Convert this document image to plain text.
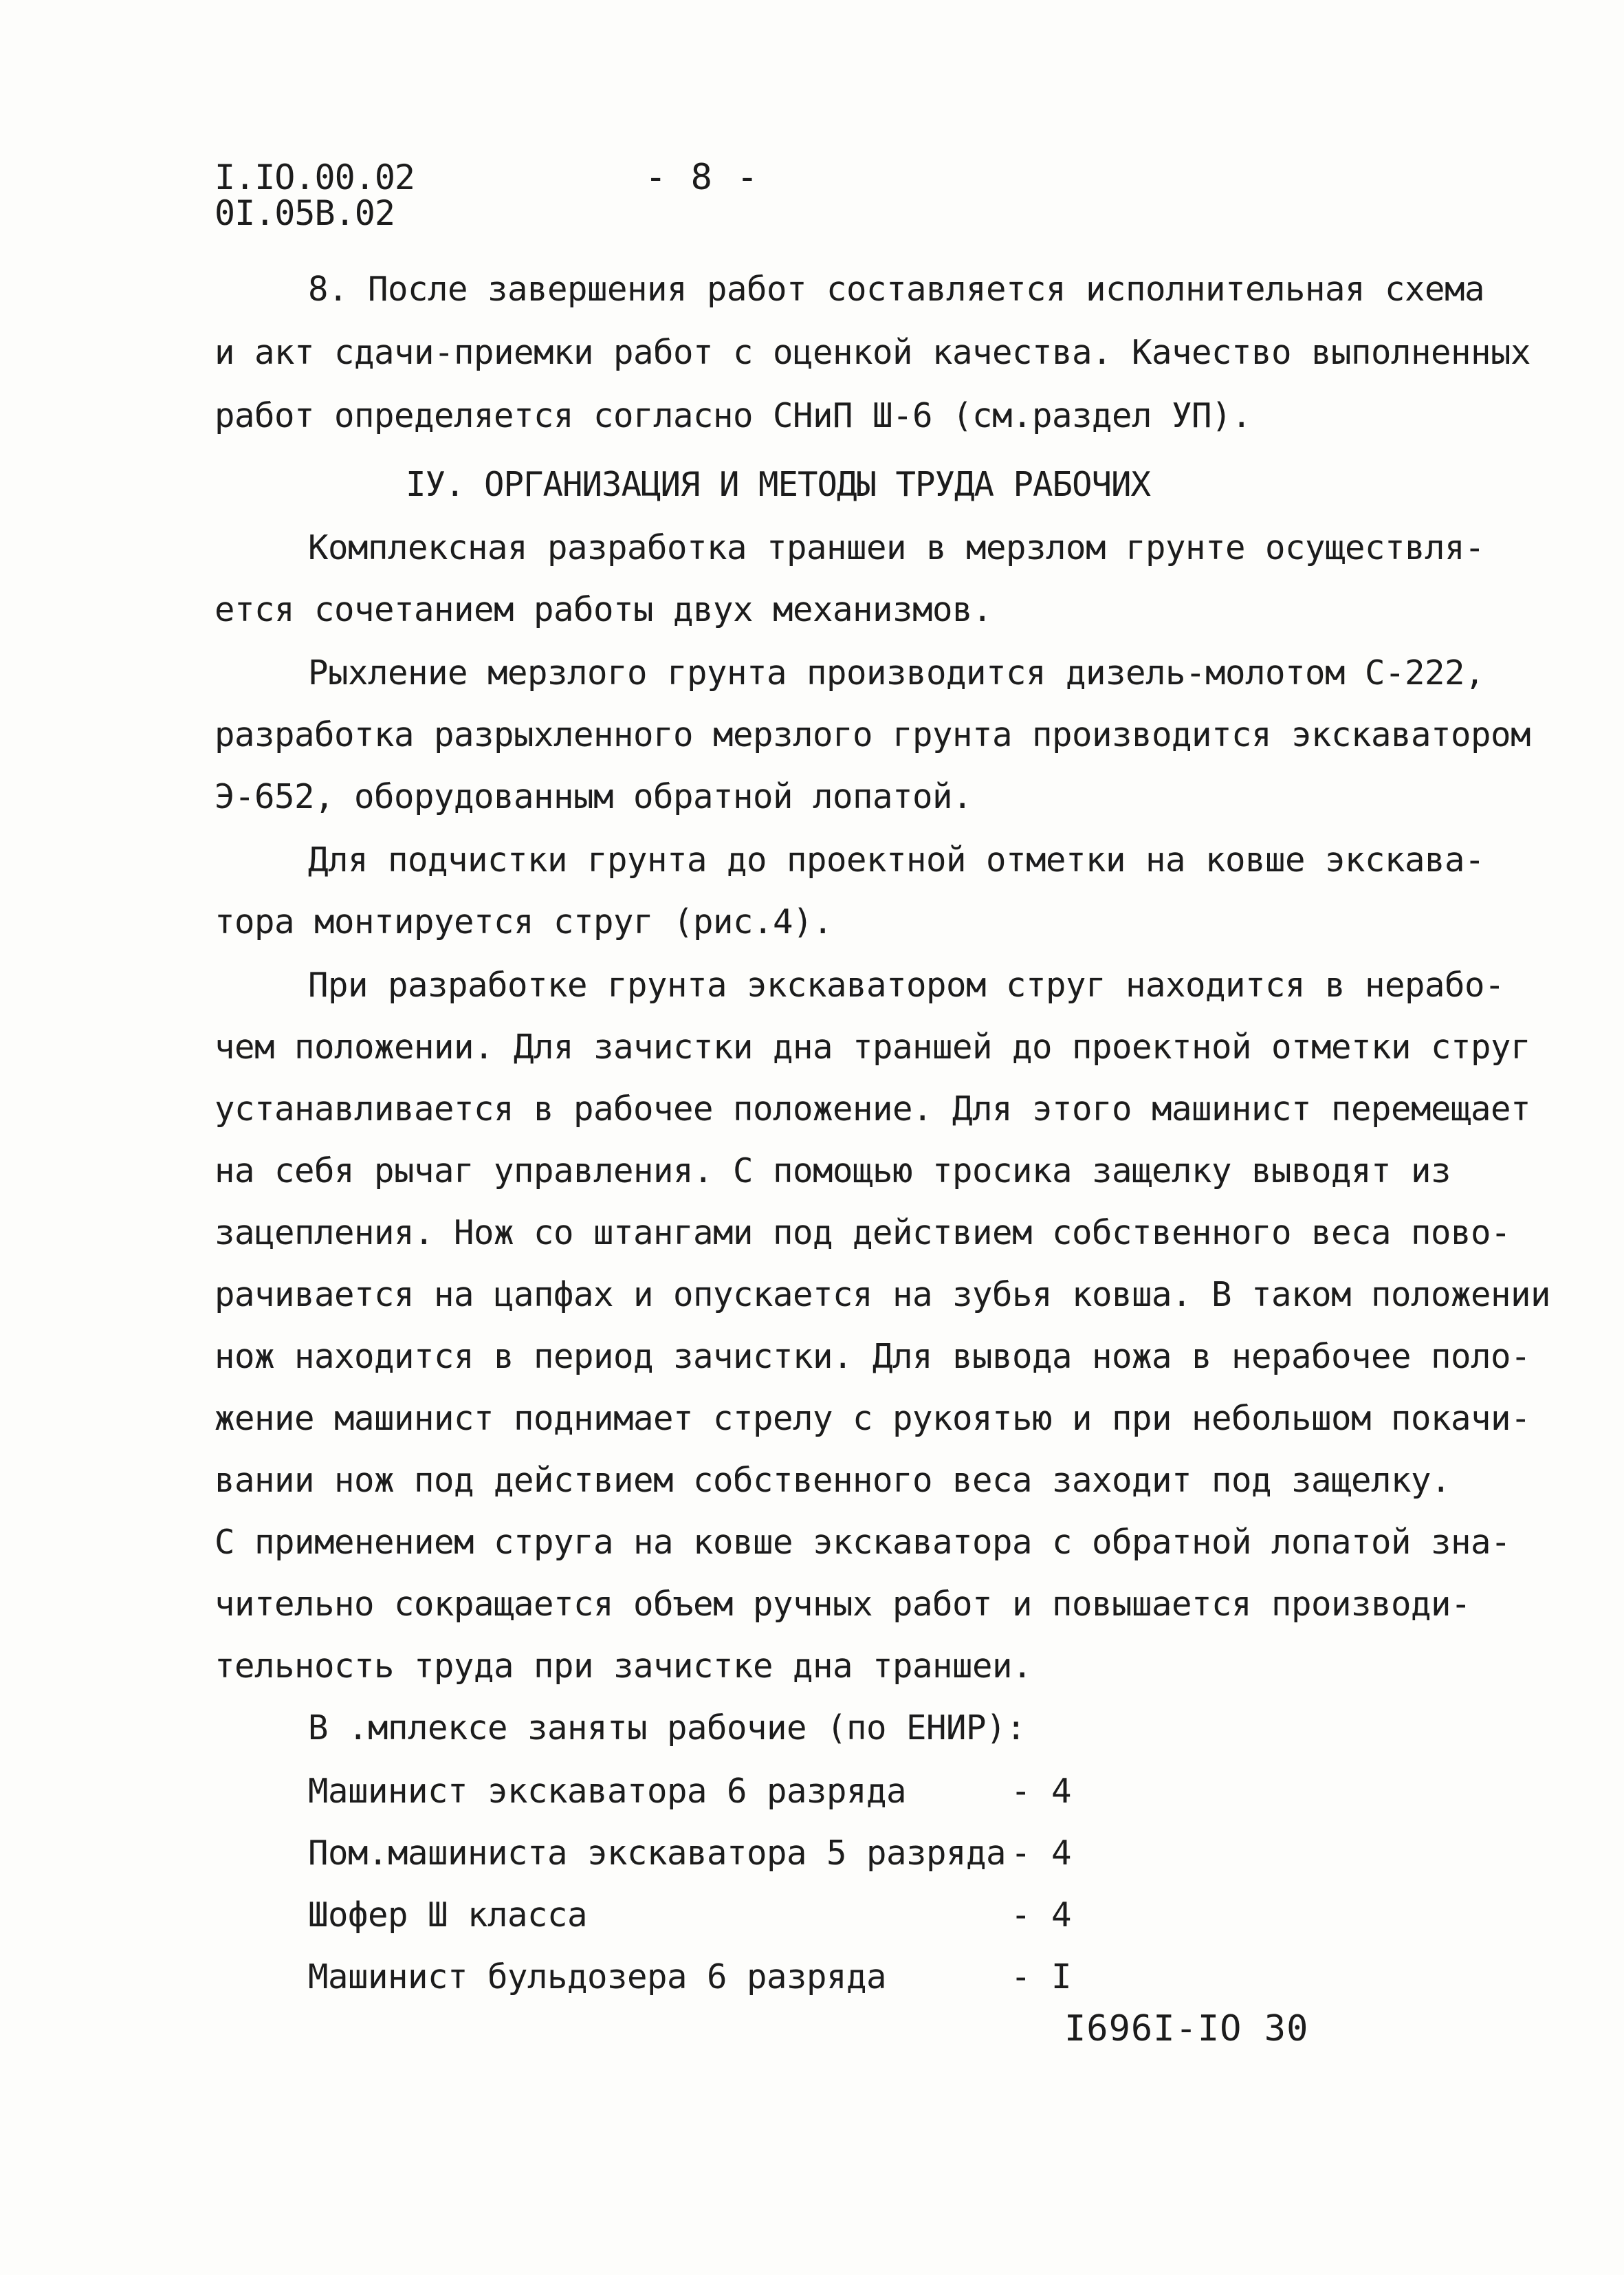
I.IO.00.02
0I.05B.02
- 8 -
8. После завершения работ составляется исполнительная схема
и акт сдачи-приемки работ с оценкой качества. Качество выполненных
работ определяется согласно СНиП Ш-6 (см.раздел УП).
IУ. ОРГАНИЗАЦИЯ И МЕТОДЫ ТРУДА РАБОЧИХ
Комплексная разработка траншеи в мерзлом грунте осуществля-
ется сочетанием работы двух механизмов.
Рыхление мерзлого грунта производится дизель-молотом С-222,
разработка разрыхленного мерзлого грунта производится экскаватором
Э-652, оборудованным обратной лопатой.
Для подчистки грунта до проектной отметки на ковше экскава-
тора монтируется струг (рис.4).
При разработке грунта экскаватором струг находится в нерабо-
чем положении. Для зачистки дна траншей до проектной отметки струг
устанавливается в рабочее положение. Для этого машинист перемещает
на себя рычаг управления. С помощью тросика защелку выводят из
зацепления. Нож со штангами под действием собственного веса пово-
рачивается на цапфах и опускается на зубья ковша. В таком положении
нож находится в период зачистки. Для вывода ножа в нерабочее поло-
жение машинист поднимает стрелу с рукоятью и при небольшом покачи-
вании нож под действием собственного веса заходит под защелку.
С применением струга на ковше экскаватора с обратной лопатой зна-
чительно сокращается объем ручных работ и повышается производи-
тельность труда при зачистке дна траншеи.
В .мплексе заняты рабочие (по ЕНИР):
Машинист экскаватора 6 разряда	- 4
Пом.машиниста экскаватора 5 разряда - 4
Шофер Ш класса	- 4
Машинист бульдозера 6 разряда	- I
I696I-IO 30
